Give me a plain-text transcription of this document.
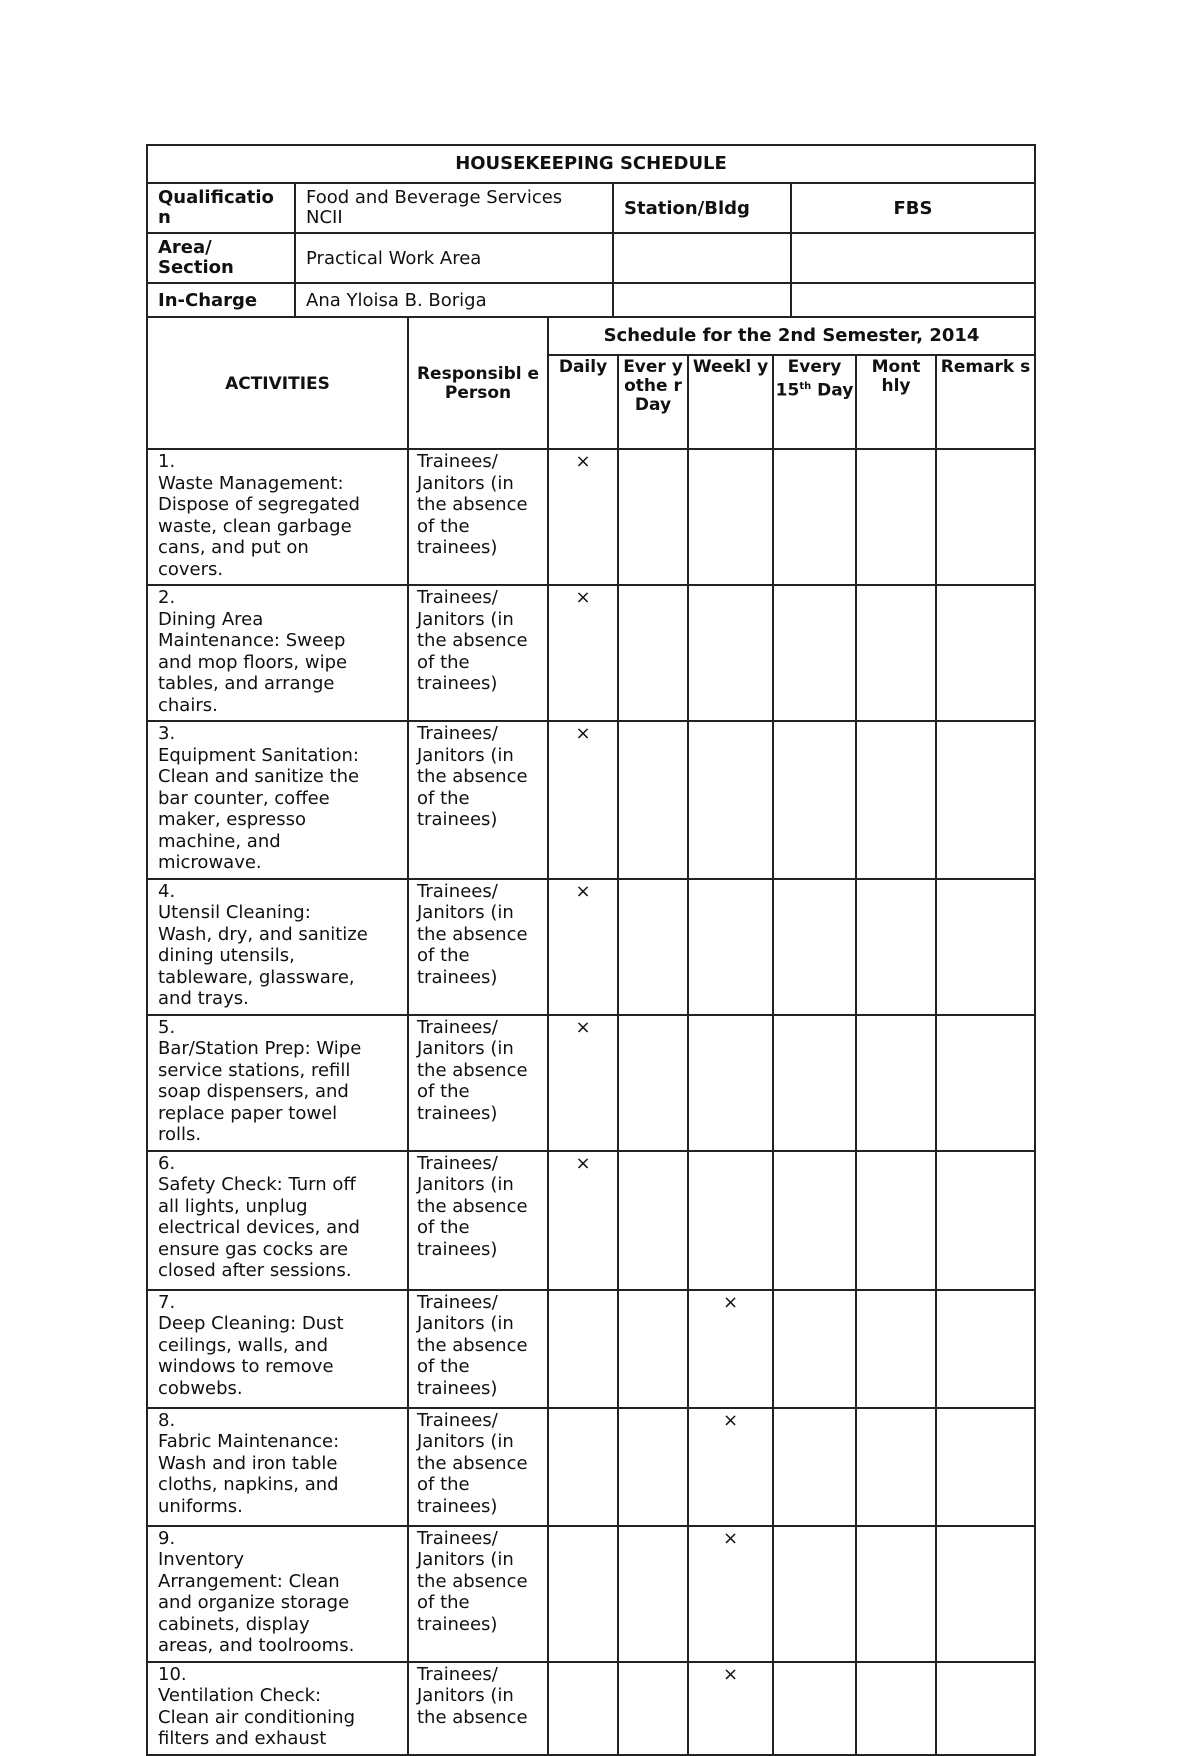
HOUSEKEEPING SCHEDULE			
Qualificatio n	Food and Beverage Services NCII	Station/Bldg	FBS
Area/ Section	Practical Work Area		
In-Charge	Ana Yloisa B. Boriga		
ACTIVITIES	Responsibl e Person	Schedule for the 2nd Semester, 2014					
		Daily	Ever y othe r Day	Weekl y	Every 15th Day	Mont hly	Remark s
1.Waste Management: Dispose of segregated waste, clean garbage cans, and put on covers.	Trainees/
Janitors (in
the absence
of the
trainees)	×					
2.Dining Area Maintenance: Sweep and mop floors, wipe tables, and arrange chairs.	Trainees/
Janitors (in
the absence
of the
trainees)	×					
3.Equipment Sanitation: Clean and sanitize the bar counter, coffee maker, espresso machine, and microwave.	Trainees/
Janitors (in
the absence
of the
trainees)	×					
4.Utensil Cleaning: Wash, dry, and sanitize dining utensils, tableware, glassware, and trays.	Trainees/
Janitors (in
the absence
of the
trainees)	×					
5.Bar/Station Prep: Wipe service stations, refill soap dispensers, and replace paper towel rolls.	Trainees/
Janitors (in
the absence
of the
trainees)	×					
6.Safety Check: Turn off all lights, unplug electrical devices, and ensure gas cocks are closed after sessions.	Trainees/
Janitors (in
the absence
of the
trainees)	×					
7.Deep Cleaning: Dust ceilings, walls, and windows to remove cobwebs.	Trainees/
Janitors (in
the absence
of the
trainees)			×			
8.Fabric Maintenance: Wash and iron table cloths, napkins, and uniforms.	Trainees/
Janitors (in
the absence
of the
trainees)			×			
9.Inventory Arrangement: Clean and organize storage cabinets, display areas, and toolrooms.	Trainees/
Janitors (in
the absence
of the
trainees)			×			
10.Ventilation Check: Clean air conditioning filters and exhaust	Trainees/
Janitors (in
the absence			×			
